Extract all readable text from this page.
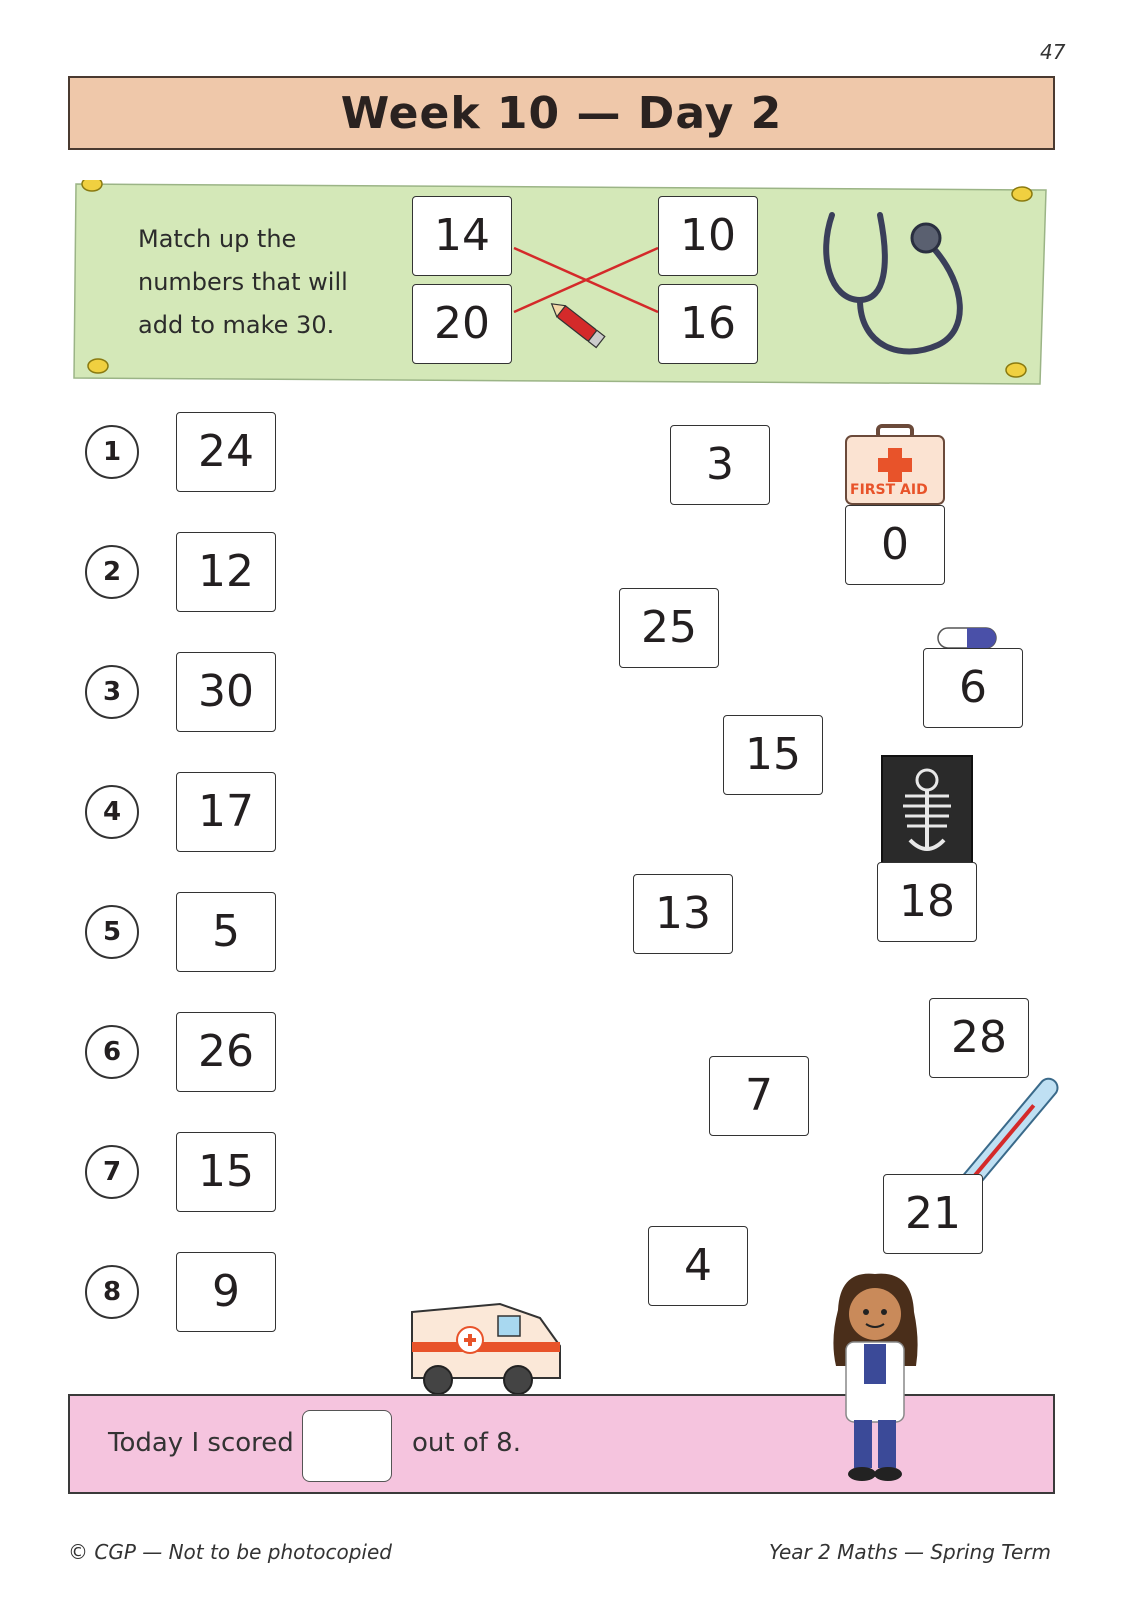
47
Week 10 — Day 2
Match up the
numbers that will
add to make 30.
14
20
10
16
1	24
2	12
3	30
4	17
5	5
6	26
7	15
8	9
FIRST AID
3
0
25
6
15
18
13
28
7
21
4
Today I scored	out of 8.
© CGP — Not to be photocopied	Year 2 Maths — Spring Term
